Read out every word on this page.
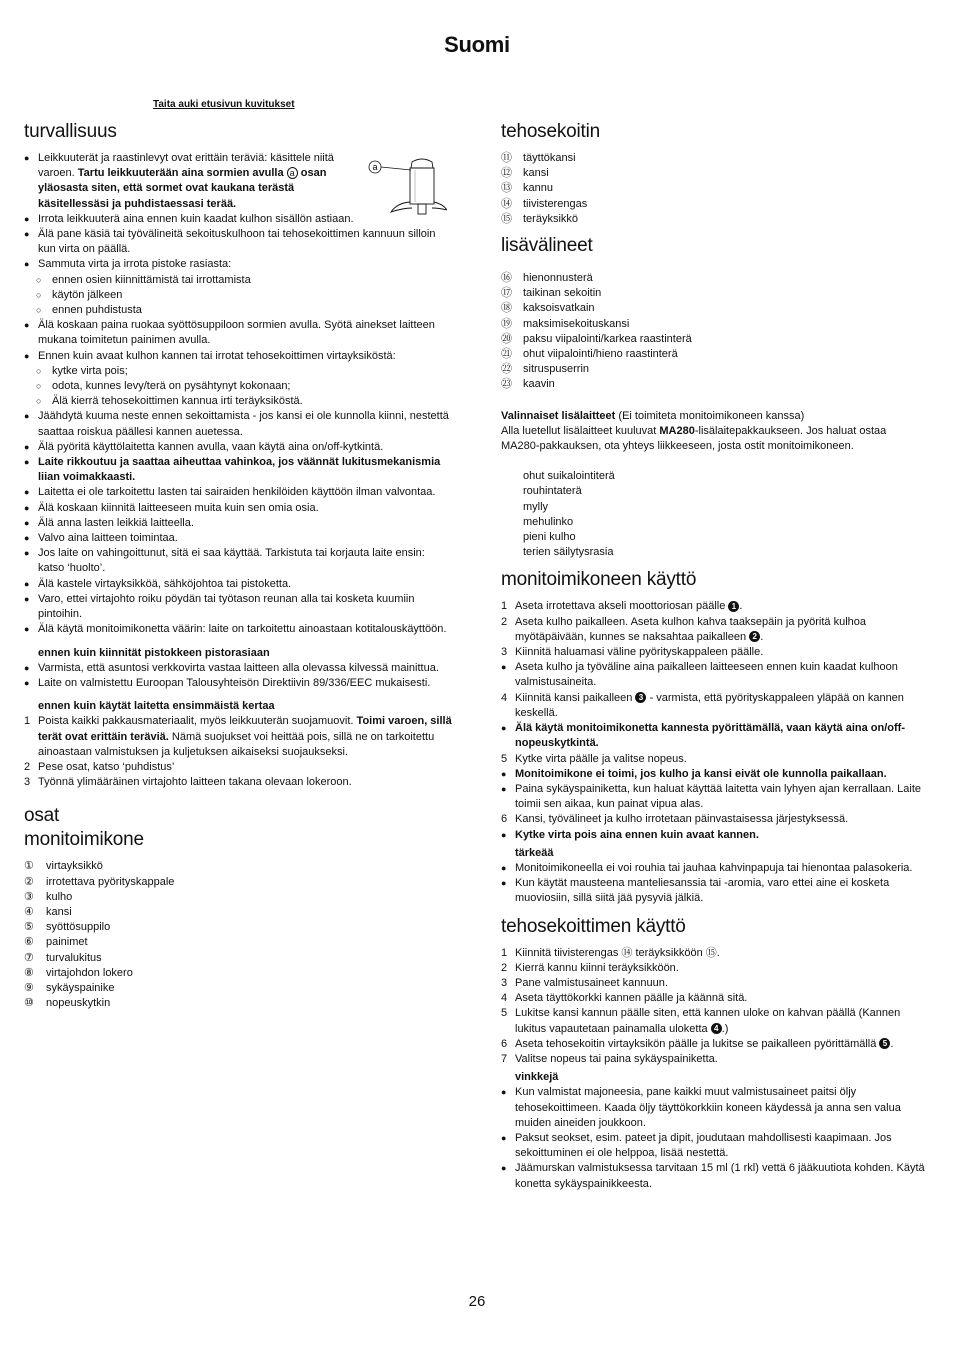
Suomi
Taita auki etusivun kuvitukset
a
turvallisuus
● Leikkuuterät ja raastinlevyt ovat erittäin teräviä: käsittele niitä varoen. Tartu leikkuuterään aina sormien avulla a osan yläosasta siten, että sormet ovat kaukana terästä käsitellessäsi ja puhdistaessasi terää.
● Irrota leikkuuterä aina ennen kuin kaadat kulhon sisällön astiaan.
● Älä pane käsiä tai työvälineitä sekoituskulhoon tai tehosekoittimen kannuun silloin kun virta on päällä.
● Sammuta virta ja irrota pistoke rasiasta:
○ ennen osien kiinnittämistä tai irrottamista
○ käytön jälkeen
○ ennen puhdistusta
● Älä koskaan paina ruokaa syöttösuppiloon sormien avulla. Syötä ainekset laitteen mukana toimitetun painimen avulla.
● Ennen kuin avaat kulhon kannen tai irrotat tehosekoittimen virtayksiköstä:
○ kytke virta pois;
○ odota, kunnes levy/terä on pysähtynyt kokonaan;
○ Älä kierrä tehosekoittimen kannua irti teräyksiköstä.
● Jäähdytä kuuma neste ennen sekoittamista - jos kansi ei ole kunnolla kiinni, nestettä saattaa roiskua päällesi kannen auetessa.
● Älä pyöritä käyttölaitetta kannen avulla, vaan käytä aina on/off-kytkintä.
● Laite rikkoutuu ja saattaa aiheuttaa vahinkoa, jos väännät lukitusmekanismia liian voimakkaasti.
● Laitetta ei ole tarkoitettu lasten tai sairaiden henkilöiden käyttöön ilman valvontaa.
● Älä koskaan kiinnitä laitteeseen muita kuin sen omia osia.
● Älä anna lasten leikkiä laitteella.
● Valvo aina laitteen toimintaa.
● Jos laite on vahingoittunut, sitä ei saa käyttää. Tarkistuta tai korjauta laite ensin: katso ‘huolto’.
● Älä kastele virtayksikköä, sähköjohtoa tai pistoketta.
● Varo, ettei virtajohto roiku pöydän tai työtason reunan alla tai kosketa kuumiin pintoihin.
● Älä käytä monitoimikonetta väärin: laite on tarkoitettu ainoastaan kotitalouskäyttöön.

ennen kuin kiinnität pistokkeen pistorasiaan

● Varmista, että asuntosi verkkovirta vastaa laitteen alla olevassa kilvessä mainittua.
● Laite on valmistettu Euroopan Talousyhteisön Direktiivin 89/336/EEC mukaisesti.

ennen kuin käytät laitetta ensimmäistä kertaa

1 Poista kaikki pakkausmateriaalit, myös leikkuuterän suojamuovit. Toimi varoen, sillä terät ovat erittäin teräviä. Nämä suojukset voi heittää pois, sillä ne on tarkoitettu ainoastaan valmistuksen ja kuljetuksen aikaiseksi suojaukseksi.
2 Pese osat, katso ‘puhdistus’
3 Työnnä ylimääräinen virtajohto laitteen takana olevaan lokeroon.
osat
monitoimikone
① virtayksikkö
② irrotettava pyörityskappale
③ kulho
④ kansi
⑤ syöttösuppilo
⑥ painimet
⑦ turvalukitus
⑧ virtajohdon lokero
⑨ sykäyspainike
⑩ nopeuskytkin
tehosekoitin
⑪ täyttökansi
⑫ kansi
⑬ kannu
⑭ tiivisterengas
⑮ teräyksikkö
lisävälineet
⑯ hienonnusterä
⑰ taikinan sekoitin
⑱ kaksoisvatkain
⑲ maksimisekoituskansi
⑳ paksu viipalointi/karkea raastinterä
㉑ ohut viipalointi/hieno raastinterä
㉒ sitruspuserrin
㉓ kaavin

Valinnaiset lisälaitteet (Ei toimiteta monitoimikoneen kanssa)
Alla luetellut lisälaitteet kuuluvat MA280-lisälaitepakkaukseen. Jos haluat ostaa MA280-pakkauksen, ota yhteys liikkeeseen, josta ostit monitoimikoneen.

ohut suikalointiterä
rouhintaterä
mylly
mehulinko
pieni kulho
terien säilytysrasia
monitoimikoneen käyttö
1 Aseta irrotettava akseli moottoriosan päälle 1 .
2 Aseta kulho paikalleen. Aseta kulhon kahva taaksepäin ja pyöritä kulhoa myötäpäivään, kunnes se naksahtaa paikalleen 2 .
3 Kiinnitä haluamasi väline pyörityskappaleen päälle.
● Aseta kulho ja työväline aina paikalleen laitteeseen ennen kuin kaadat kulhoon valmistusaineita.
4 Kiinnitä kansi paikalleen 3 - varmista, että pyörityskappaleen yläpää on kannen keskellä.
● Älä käytä monitoimikonetta kannesta pyörittämällä, vaan käytä aina on/off-nopeuskytkintä.
5 Kytke virta päälle ja valitse nopeus.
● Monitoimikone ei toimi, jos kulho ja kansi eivät ole kunnolla paikallaan.
● Paina sykäyspainiketta, kun haluat käyttää laitetta vain lyhyen ajan kerrallaan. Laite toimii sen aikaa, kun painat vipua alas.
6 Kansi, työvälineet ja kulho irrotetaan päinvastaisessa järjestyksessä.
● Kytke virta pois aina ennen kuin avaat kannen.

tärkeää

● Monitoimikoneella ei voi rouhia tai jauhaa kahvinpapuja tai hienontaa palasokeria.
● Kun käytät mausteena manteliesanssia tai -aromia, varo ettei aine ei kosketa muoviosiin, sillä siitä jää pysyviä jälkiä.
tehosekoittimen käyttö
1 Kiinnitä tiivisterengas ⑭ teräyksikköön ⑮.
2 Kierrä kannu kiinni teräyksikköön.
3 Pane valmistusaineet kannuun.
4 Aseta täyttökorkki kannen päälle ja käännä sitä.
5 Lukitse kansi kannun päälle siten, että kannen uloke on kahvan päällä (Kannen lukitus vapautetaan painamalla uloketta 4 .)
6 Aseta tehosekoitin virtayksikön päälle ja lukitse se paikalleen pyörittämällä 5 .
7 Valitse nopeus tai paina sykäyspainiketta.

vinkkejä

● Kun valmistat majoneesia, pane kaikki muut valmistusaineet paitsi öljy tehosekoittimeen. Kaada öljy täyttökorkkiin koneen käydessä ja anna sen valua muiden aineiden joukkoon.
● Paksut seokset, esim. pateet ja dipit, joudutaan mahdollisesti kaapimaan. Jos sekoittuminen ei ole helppoa, lisää nestettä.
● Jäämurskan valmistuksessa tarvitaan 15 ml (1 rkl) vettä 6 jääkuutiota kohden. Käytä konetta sykäyspainikkeesta.
26
